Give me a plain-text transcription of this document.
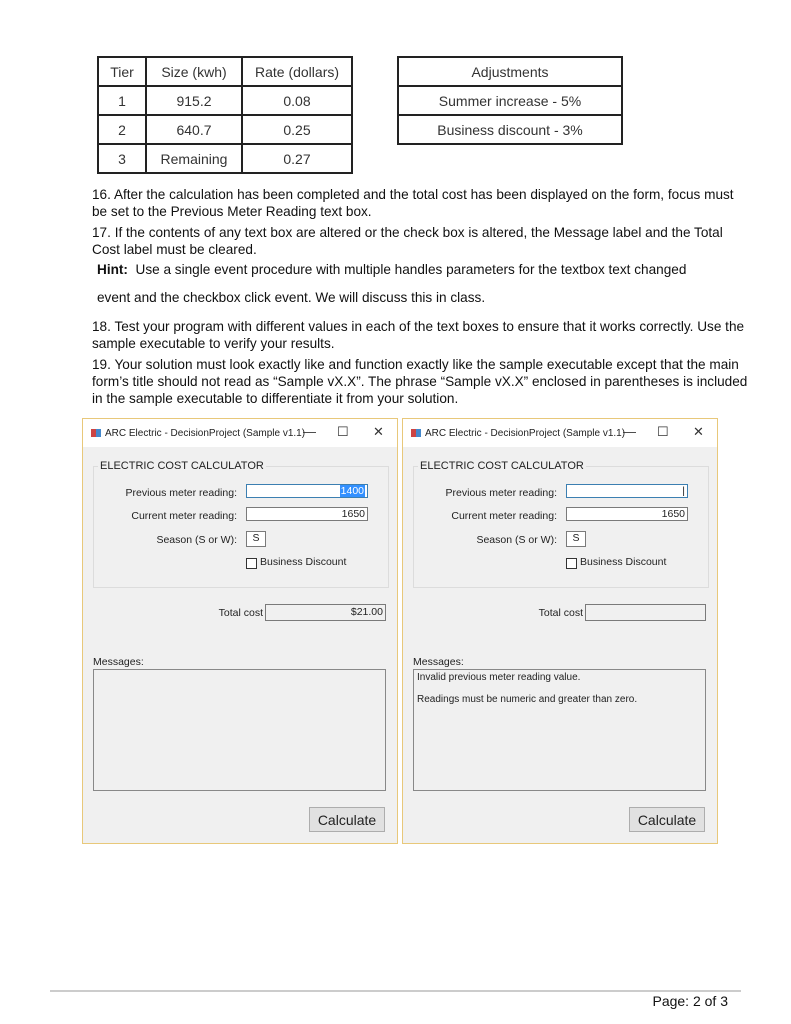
Tier	Size (kwh)	Rate (dollars)
1	915.2	0.08
2	640.7	0.25
3	Remaining	0.27
Adjustments
Summer increase - 5%
Business discount - 3%
16. After the calculation has been completed and the total cost has been displayed on the form, focus must be set to the Previous Meter Reading text box.
17. If the contents of any text box are altered or the check box is altered, the Message label and the Total Cost label must be cleared.
Hint: Use a single event procedure with multiple handles parameters for the textbox text changed
event and the checkbox click event. We will discuss this in class.
18. Test your program with different values in each of the text boxes to ensure that it works correctly. Use the sample executable to verify your results.
19. Your solution must look exactly like and function exactly like the sample executable except that the main form’s title should not read as “Sample vX.X”. The phrase “Sample vX.X” enclosed in parentheses is included in the sample executable to differentiate it from your solution.
ARC Electric - DecisionProject (Sample v1.1)
— ☐ ✕
ELECTRIC COST CALCULATOR
Previous meter reading:	1400
Current meter reading:	1650
Season (S or W):	S
Business Discount
Total cost	$21.00
Messages:
Calculate
ARC Electric - DecisionProject (Sample v1.1)
— ☐ ✕
ELECTRIC COST CALCULATOR
Previous meter reading:	|
Current meter reading:	1650
Season (S or W):	S
Business Discount
Total cost
Messages:
Invalid previous meter reading value.
Readings must be numeric and greater than zero.
Calculate
Page: 2 of 3
